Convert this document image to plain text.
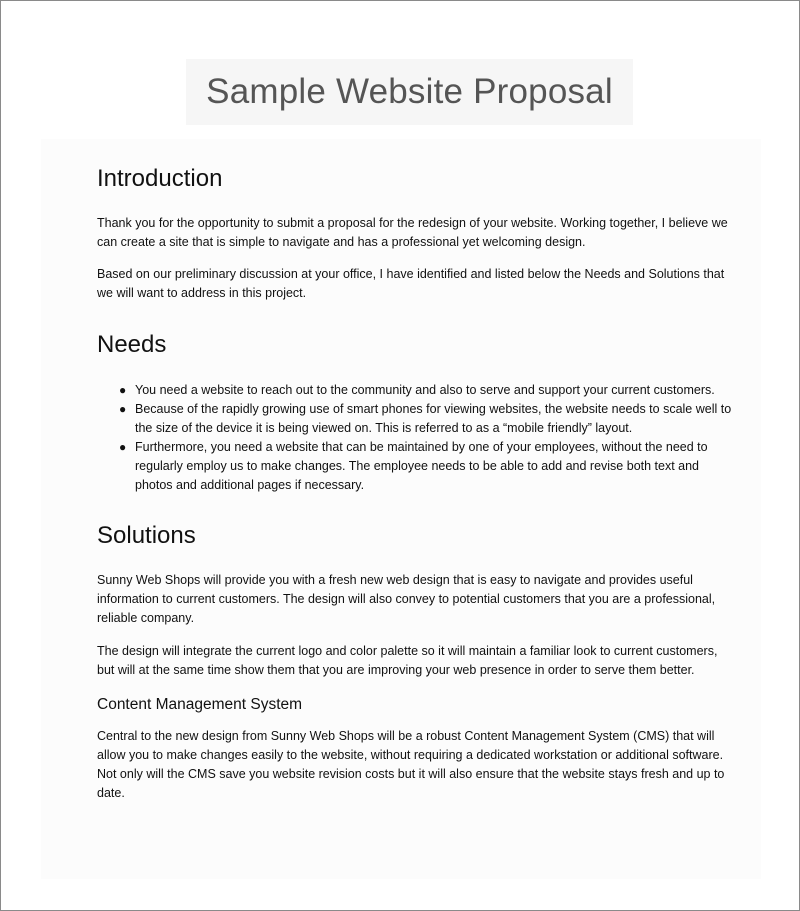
Sample Website Proposal
Introduction

Thank you for the opportunity to submit a proposal for the redesign of your website. Working together, I believe we can create a site that is simple to navigate and has a professional yet welcoming design.

Based on our preliminary discussion at your office, I have identified and listed below the Needs and Solutions that we will want to address in this project.

Needs
● You need a website to reach out to the community and also to serve and support your current customers.
● Because of the rapidly growing use of smart phones for viewing websites, the website needs to scale well to the size of the device it is being viewed on. This is referred to as a “mobile friendly” layout.
● Furthermore, you need a website that can be maintained by one of your employees, without the need to regularly employ us to make changes. The employee needs to be able to add and revise both text and photos and additional pages if necessary.
Solutions

Sunny Web Shops will provide you with a fresh new web design that is easy to navigate and provides useful information to current customers. The design will also convey to potential customers that you are a professional, reliable company.

The design will integrate the current logo and color palette so it will maintain a familiar look to current customers, but will at the same time show them that you are improving your web presence in order to serve them better.

Content Management System

Central to the new design from Sunny Web Shops will be a robust Content Management System (CMS) that will allow you to make changes easily to the website, without requiring a dedicated workstation or additional software. Not only will the CMS save you website revision costs but it will also ensure that the website stays fresh and up to date.
